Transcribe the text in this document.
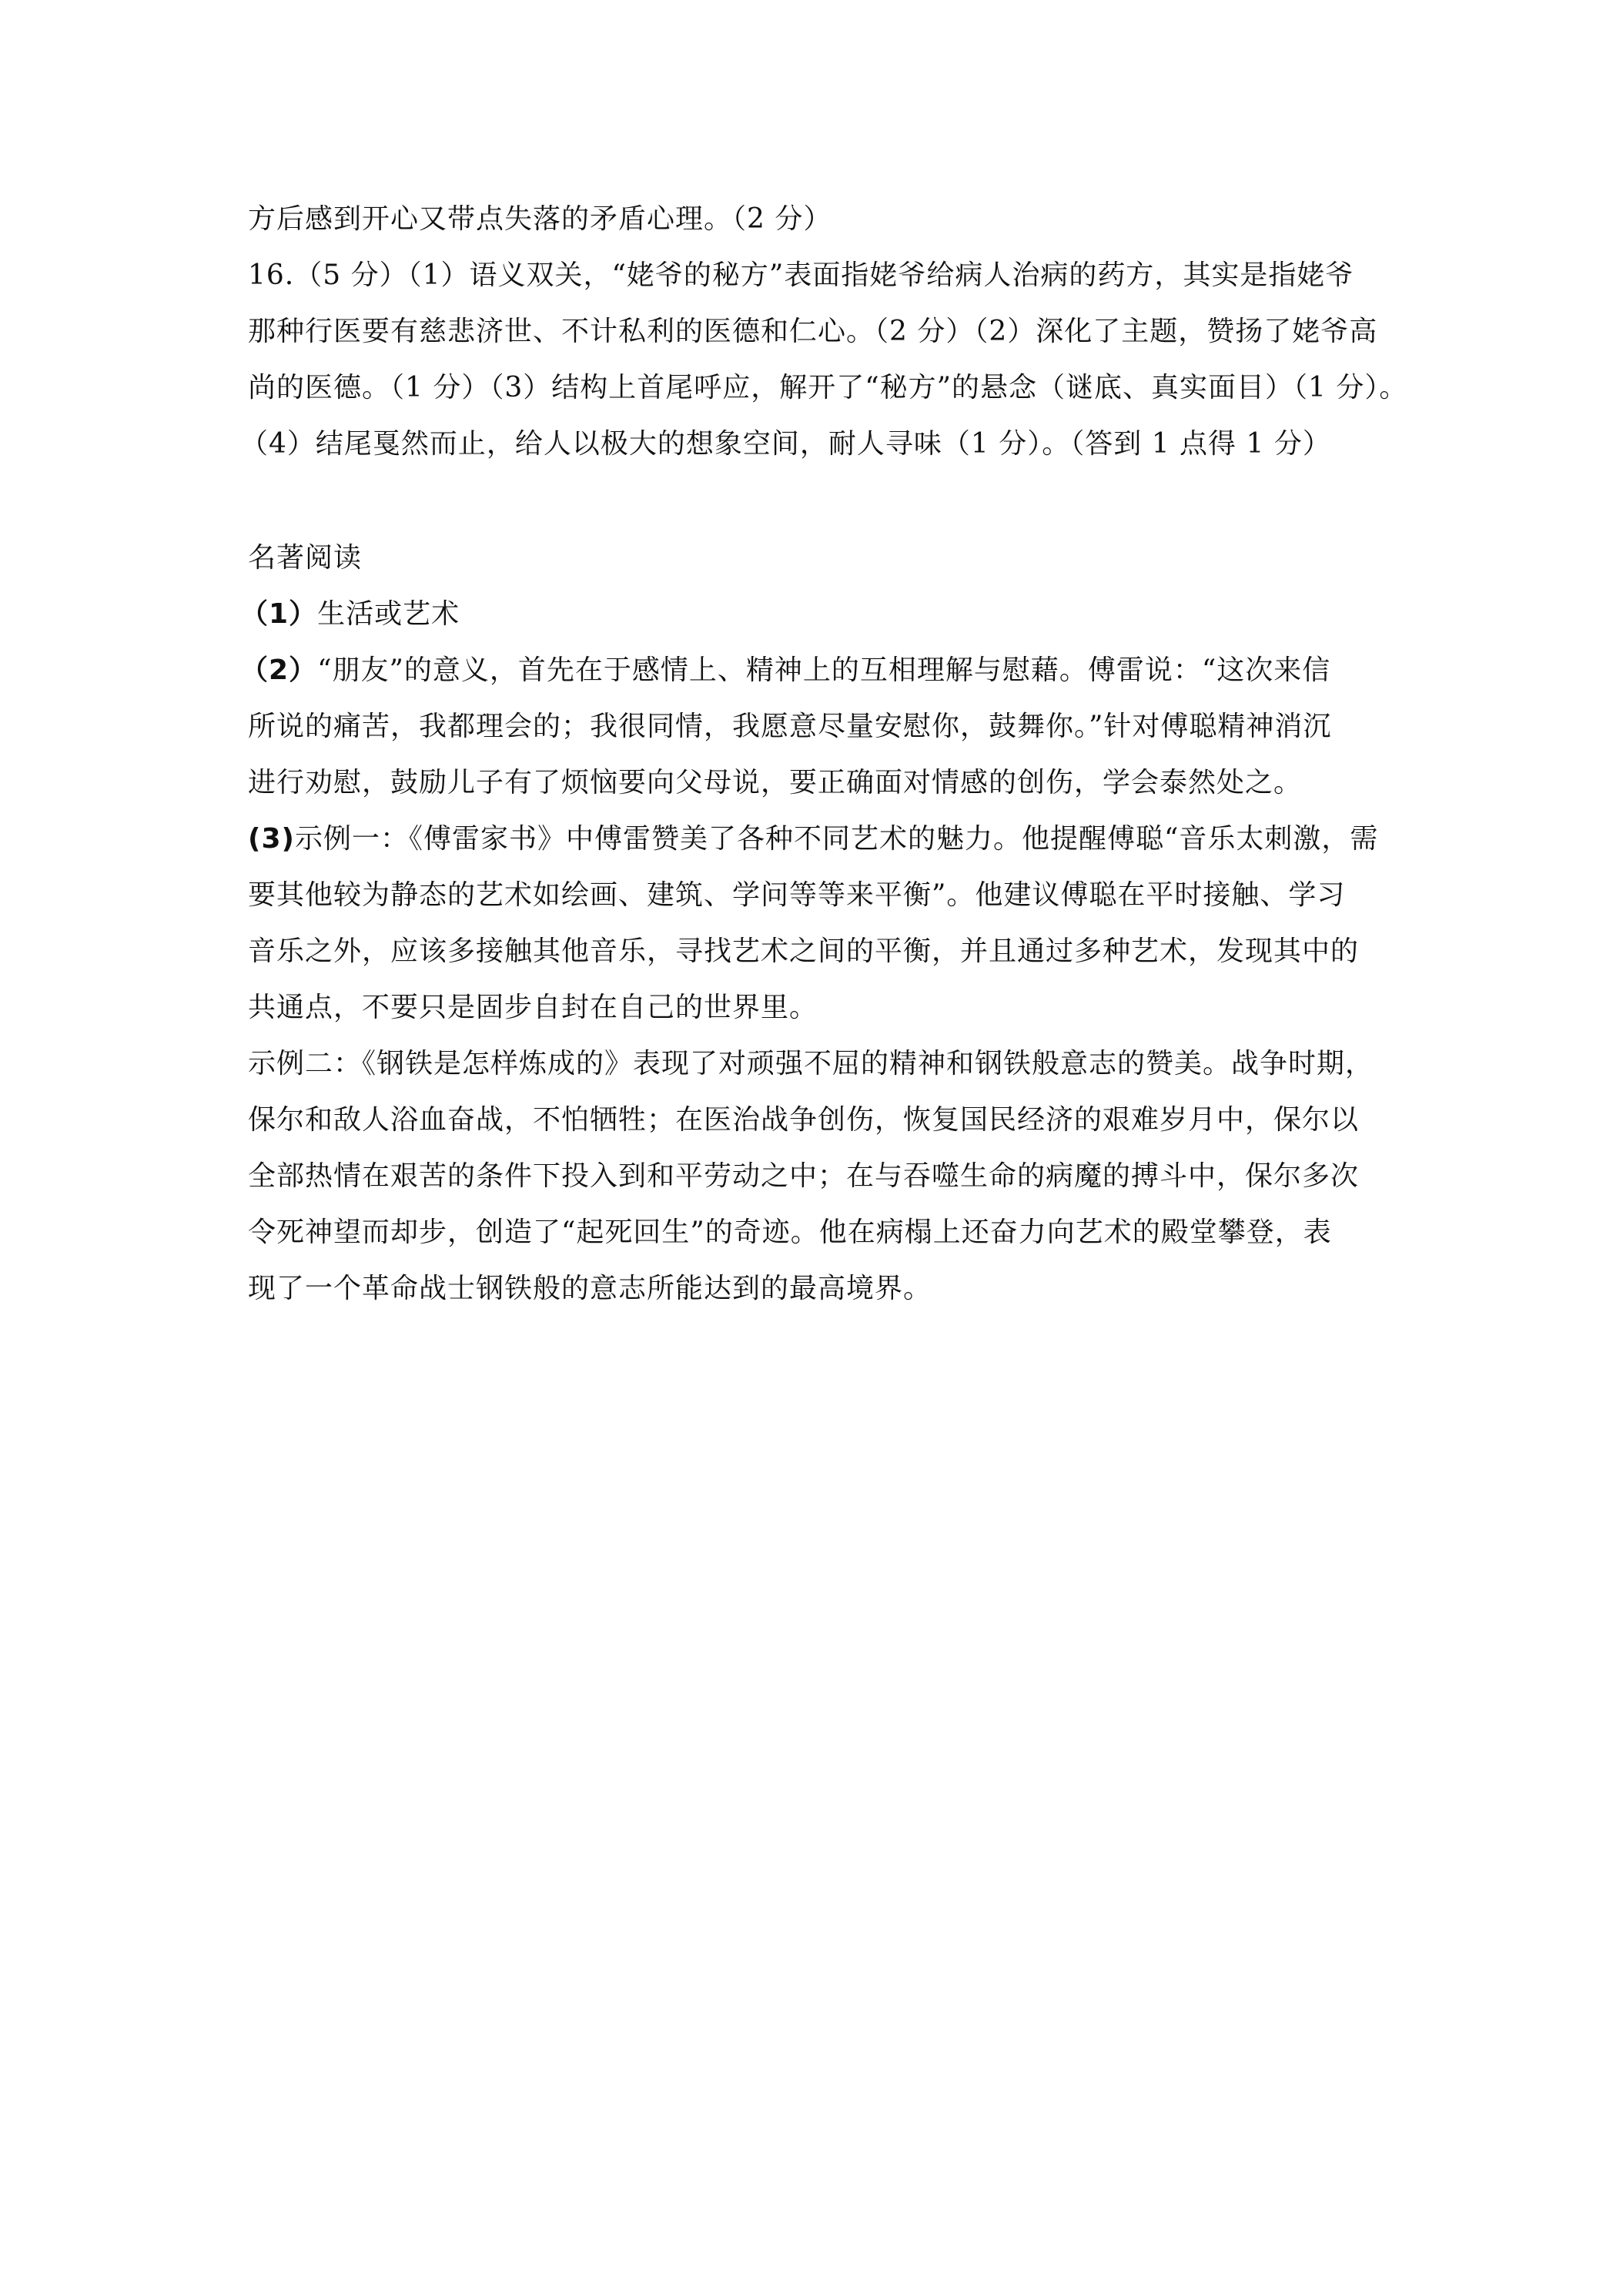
方后感到开心又带点失落的矛盾心理。（2 分）
16.（5 分）（1）语义双关，“姥爷的秘方”表面指姥爷给病人治病的药方，其实是指姥爷
那种行医要有慈悲济世、不计私利的医德和仁心。（2 分）（2）深化了主题，赞扬了姥爷高
尚的医德。（1 分）（3）结构上首尾呼应，解开了“秘方”的悬念（谜底、真实面目）（1 分）。
（4）结尾戛然而止，给人以极大的想象空间，耐人寻味（1 分）。（答到 1 点得 1 分）
名著阅读
（1）生活或艺术
（2）“朋友”的意义，首先在于感情上、精神上的互相理解与慰藉。傅雷说：“这次来信
所说的痛苦，我都理会的；我很同情，我愿意尽量安慰你，鼓舞你。”针对傅聪精神消沉
进行劝慰，鼓励儿子有了烦恼要向父母说，要正确面对情感的创伤，学会泰然处之。
(3)示例一：《傅雷家书》中傅雷赞美了各种不同艺术的魅力。他提醒傅聪“音乐太刺激，需
要其他较为静态的艺术如绘画、建筑、学问等等来平衡”。他建议傅聪在平时接触、学习
音乐之外，应该多接触其他音乐，寻找艺术之间的平衡，并且通过多种艺术，发现其中的
共通点，不要只是固步自封在自己的世界里。
示例二：《钢铁是怎样炼成的》表现了对顽强不屈的精神和钢铁般意志的赞美。战争时期，
保尔和敌人浴血奋战，不怕牺牲；在医治战争创伤，恢复国民经济的艰难岁月中，保尔以
全部热情在艰苦的条件下投入到和平劳动之中；在与吞噬生命的病魔的搏斗中，保尔多次
令死神望而却步，创造了“起死回生”的奇迹。他在病榻上还奋力向艺术的殿堂攀登，表
现了一个革命战士钢铁般的意志所能达到的最高境界。
